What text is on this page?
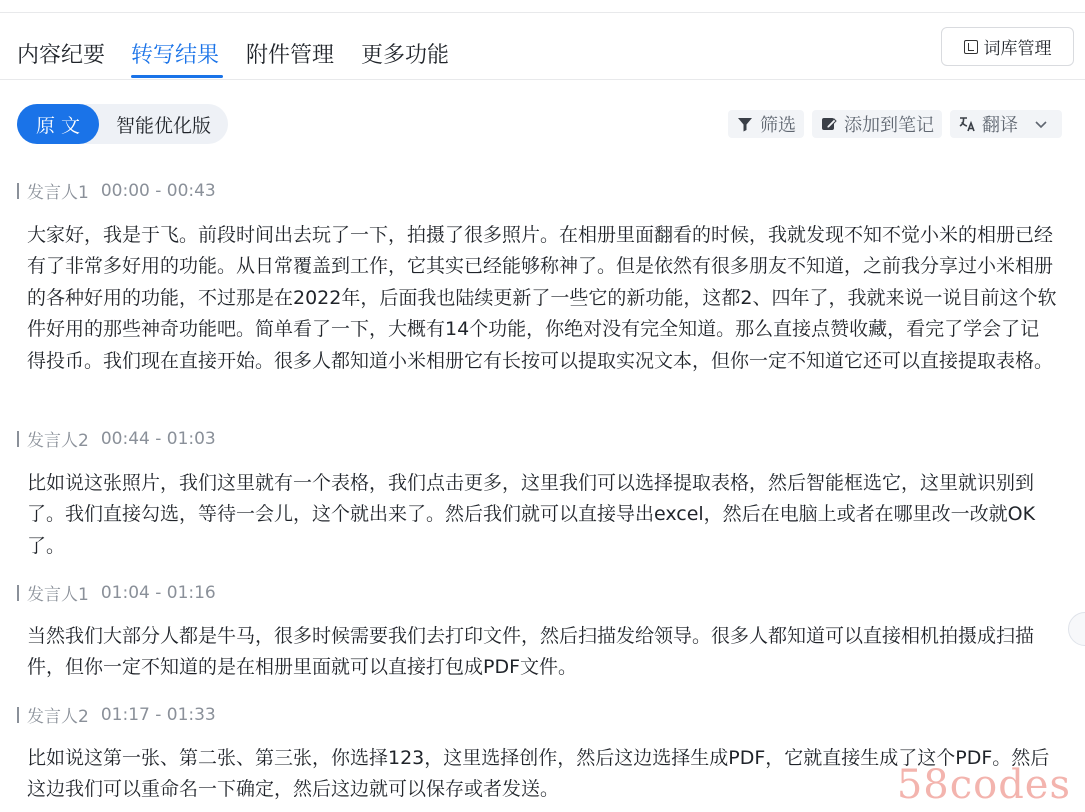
内容纪要 转写结果 附件管理 更多功能	词库管理
原 文	智能优化版	筛选	添加到笔记	翻译
发言人1 00:00 - 00:43
大家好，我是于飞。前段时间出去玩了一下，拍摄了很多照片。在相册里面翻看的时候，我就发现不知不觉小米的相册已经有了非常多好用的功能。从日常覆盖到工作，它其实已经能够称神了。但是依然有很多朋友不知道，之前我分享过小米相册的各种好用的功能，不过那是在2022年，后面我也陆续更新了一些它的新功能，这都2、四年了，我就来说一说目前这个软件好用的那些神奇功能吧。简单看了一下，大概有14个功能，你绝对没有完全知道。那么直接点赞收藏，看完了学会了记得投币。我们现在直接开始。很多人都知道小米相册它有长按可以提取实况文本，但你一定不知道它还可以直接提取表格。
发言人2 00:44 - 01:03
比如说这张照片，我们这里就有一个表格，我们点击更多，这里我们可以选择提取表格，然后智能框选它，这里就识别到了。我们直接勾选，等待一会儿，这个就出来了。然后我们就可以直接导出excel，然后在电脑上或者在哪里改一改就OK了。
发言人1 01:04 - 01:16
当然我们大部分人都是牛马，很多时候需要我们去打印文件，然后扫描发给领导。很多人都知道可以直接相机拍摄成扫描件，但你一定不知道的是在相册里面就可以直接打包成PDF文件。
发言人2 01:17 - 01:33
比如说这第一张、第二张、第三张，你选择123，这里选择创作，然后这边选择生成PDF，它就直接生成了这个PDF。然后这边我们可以重命名一下确定，然后这边就可以保存或者发送。	58codes
